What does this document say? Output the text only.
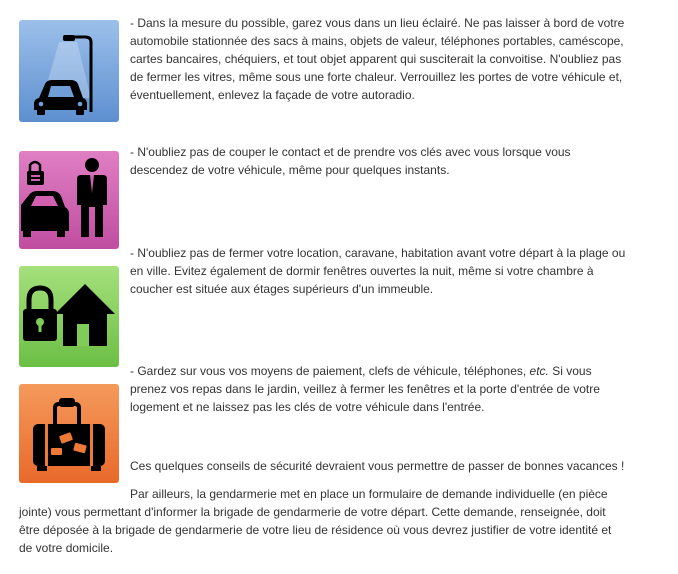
- Dans la mesure du possible, garez vous dans un lieu éclairé. Ne pas laisser à bord de votre
automobile stationnée des sacs à mains, objets de valeur, téléphones portables, caméscope,
cartes bancaires, chéquiers, et tout objet apparent qui susciterait la convoitise. N'oubliez pas
de fermer les vitres, même sous une forte chaleur. Verrouillez les portes de votre véhicule et,
éventuellement, enlevez la façade de votre autoradio.
- N'oubliez pas de couper le contact et de prendre vos clés avec vous lorsque vous
descendez de votre véhicule, même pour quelques instants.
- N'oubliez pas de fermer votre location, caravane, habitation avant votre départ à la plage ou
en ville. Evitez également de dormir fenêtres ouvertes la nuit, même si votre chambre à
coucher est située aux étages supérieurs d'un immeuble.
- Gardez sur vous vos moyens de paiement, clefs de véhicule, téléphones, etc. Si vous
prenez vos repas dans le jardin, veillez à fermer les fenêtres et la porte d'entrée de votre
logement et ne laissez pas les clés de votre véhicule dans l'entrée.
Ces quelques conseils de sécurité devraient vous permettre de passer de bonnes vacances !
Par ailleurs, la gendarmerie met en place un formulaire de demande individuelle (en pièce
jointe) vous permettant d'informer la brigade de gendarmerie de votre départ. Cette demande, renseignée, doit
être déposée à la brigade de gendarmerie de votre lieu de résidence où vous devrez justifier de votre identité et
de votre domicile.
